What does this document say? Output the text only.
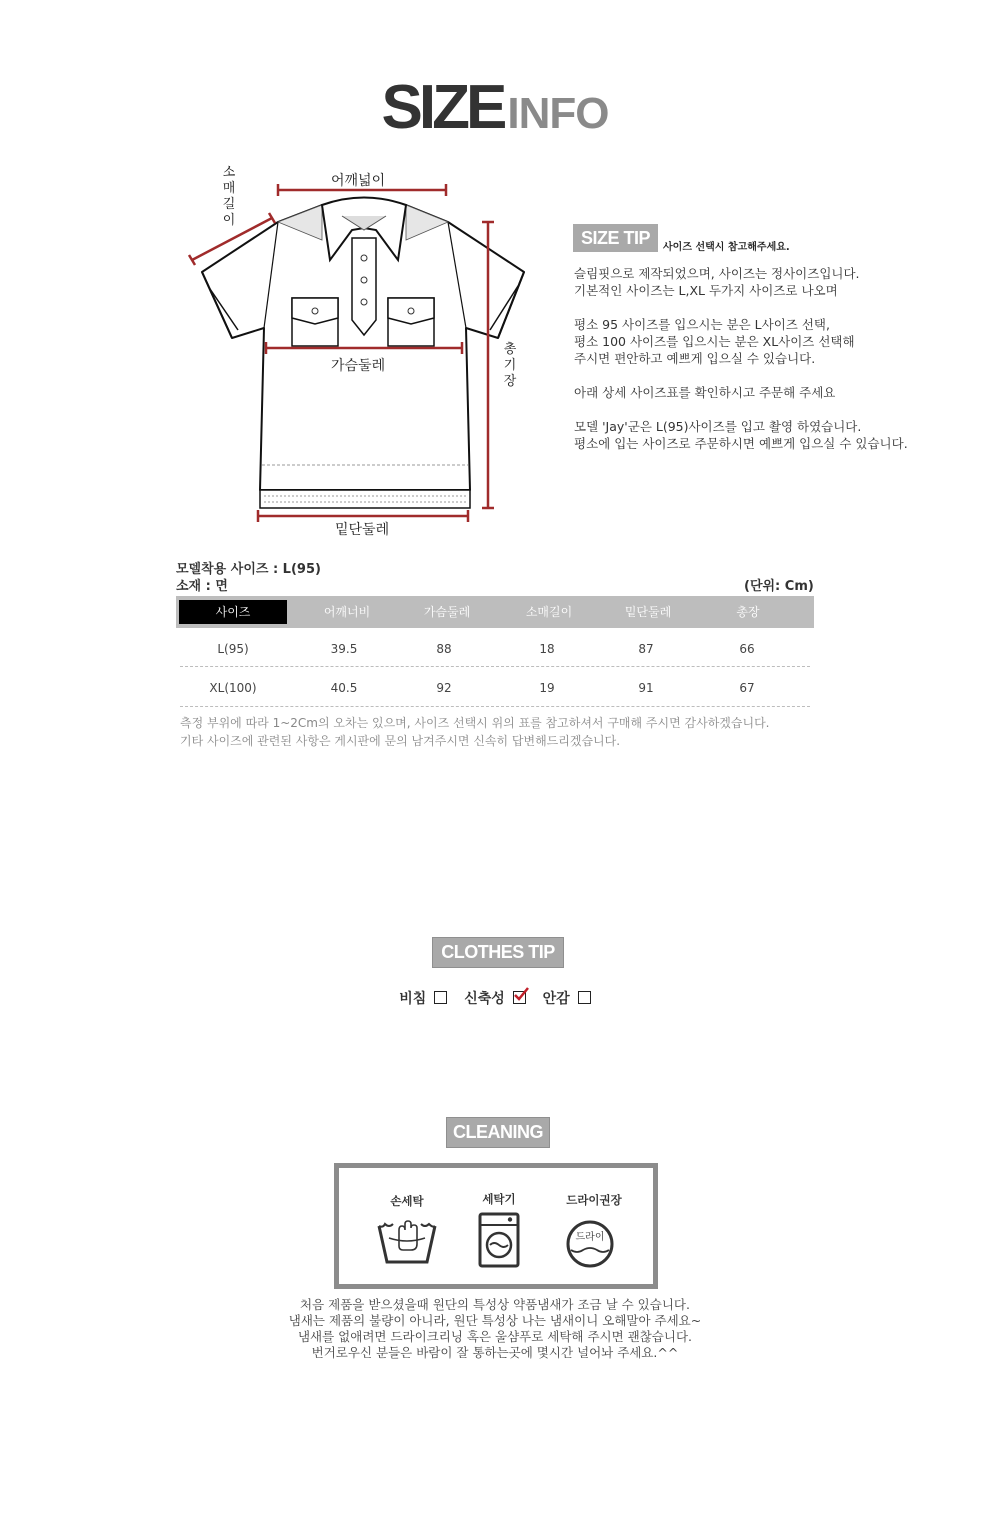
SIZEINFO
어깨넓이
소
매
길
이
가슴둘레
총
기
장
밑단둘레
SIZE TIP	사이즈 선택시 참고해주세요.

슬림핏으로 제작되었으며, 사이즈는 정사이즈입니다.

기본적인 사이즈는 L,XL 두가지 사이즈로 나오며

평소 95 사이즈를 입으시는 분은 L사이즈 선택,

평소 100 사이즈를 입으시는 분은 XL사이즈 선택해

주시면 편안하고 예쁘게 입으실 수 있습니다.

아래 상세 사이즈표를 확인하시고 주문해 주세요

모델 'Jay'군은 L(95)사이즈를 입고 촬영 하였습니다.

평소에 입는 사이즈로 주문하시면 예쁘게 입으실 수 있습니다.

모델착용 사이즈 : L(95)
소재 : 면	(단위: Cm)
사이즈	어깨너비	가슴둘레	소매길이	밑단둘레	총장
L(95)	39.5	88	18	87	66
XL(100)	40.5	92	19	91	67

측정 부위에 따라 1~2Cm의 오차는 있으며, 사이즈 선택시 위의 표를 참고하셔서 구매해 주시면 감사하겠습니다.

기타 사이즈에 관련된 사항은 게시판에 문의 남겨주시면 신속히 답변해드리겠습니다.

CLOTHES TIP
비침	신축성	안감
CLEANING
손세탁	세탁기	드라이권장
드라이

처음 제품을 받으셨을때 원단의 특성상 약품냄새가 조금 날 수 있습니다.

냄새는 제품의 불량이 아니라, 원단 특성상 나는 냄새이니 오해말아 주세요~

냄새를 없애려면 드라이크리닝 혹은 울샴푸로 세탁해 주시면 괜찮습니다.

번거로우신 분들은 바람이 잘 통하는곳에 몇시간 널어놔 주세요.^^
